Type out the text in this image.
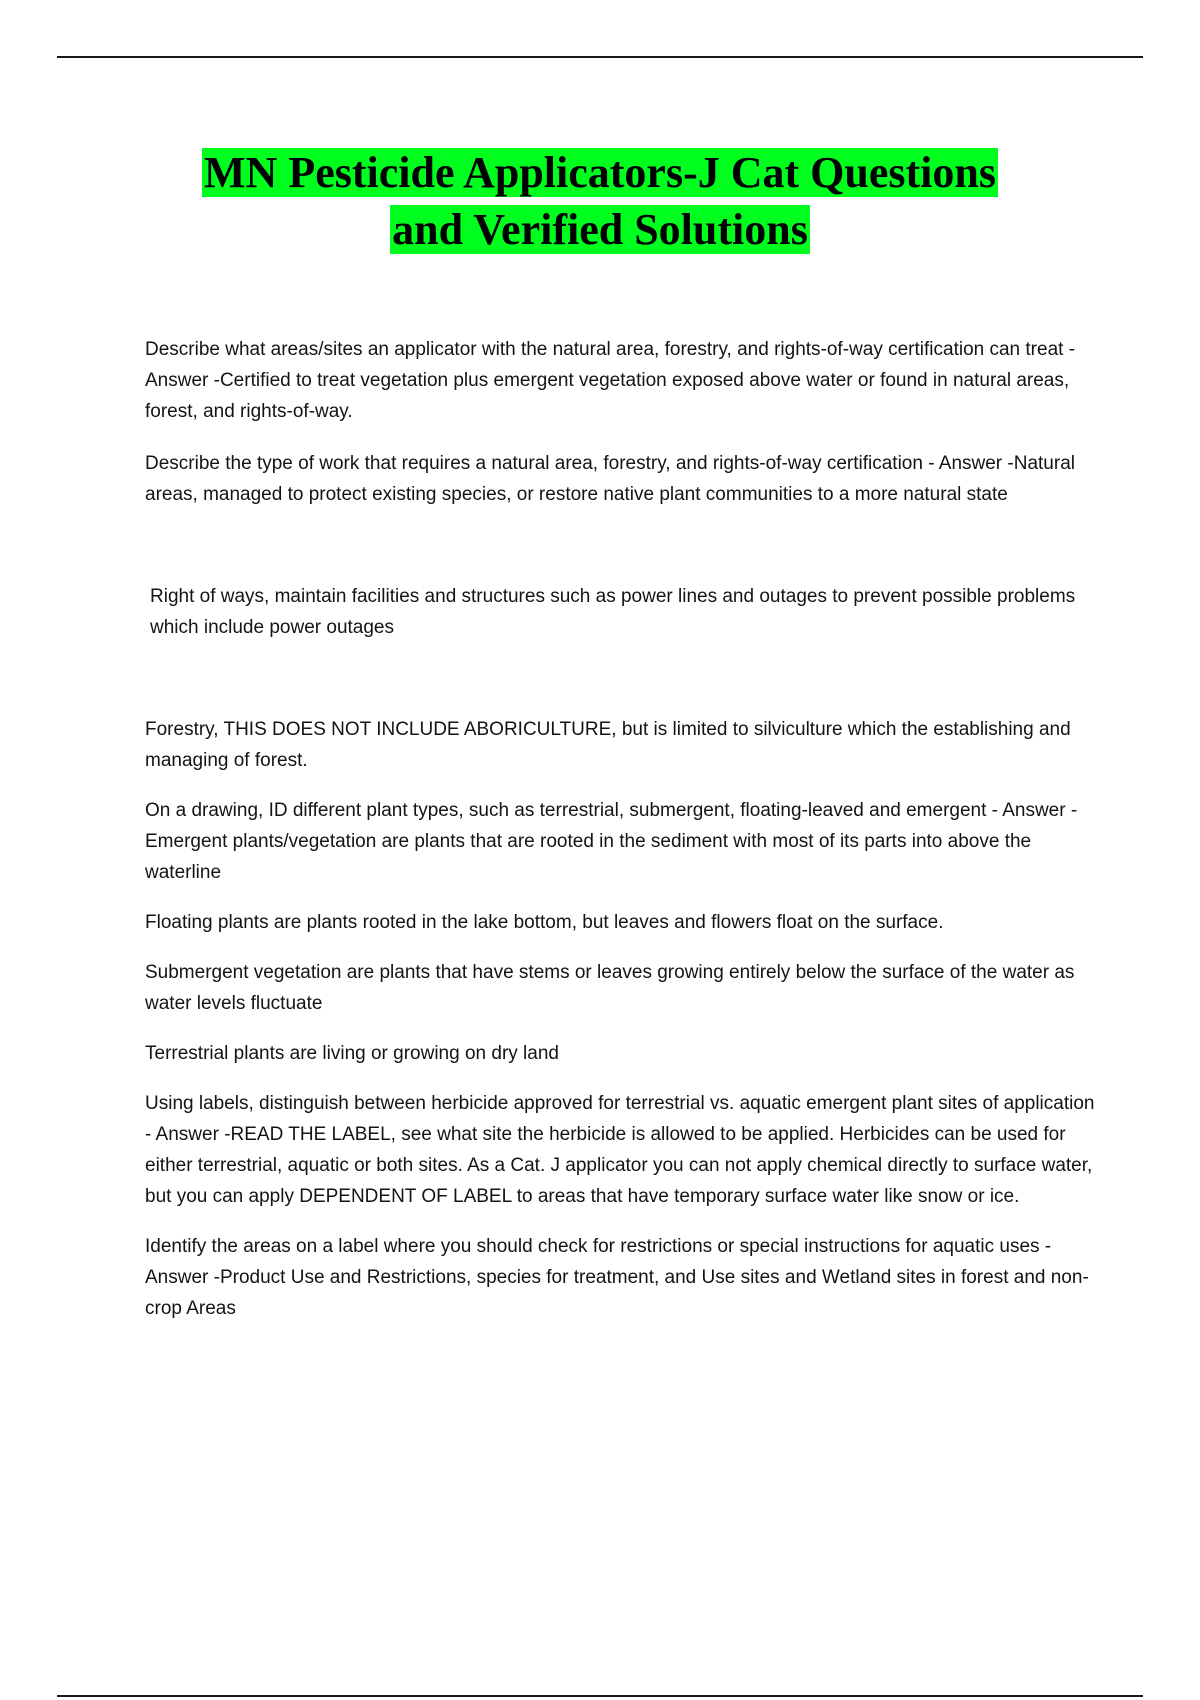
MN Pesticide Applicators-J Cat Questions
and Verified Solutions

Describe what areas/sites an applicator with the natural area, forestry, and rights-of-way certification can treat - Answer -Certified to treat vegetation plus emergent vegetation exposed above water or found in natural areas, forest, and rights-of-way.

Describe the type of work that requires a natural area, forestry, and rights-of-way certification - Answer -Natural areas, managed to protect existing species, or restore native plant communities to a more natural state

Right of ways, maintain facilities and structures such as power lines and outages to prevent possible problems which include power outages

Forestry, THIS DOES NOT INCLUDE ABORICULTURE, but is limited to silviculture which the establishing and managing of forest.

On a drawing, ID different plant types, such as terrestrial, submergent, floating-leaved and emergent - Answer -Emergent plants/vegetation are plants that are rooted in the sediment with most of its parts into above the waterline

Floating plants are plants rooted in the lake bottom, but leaves and flowers float on the surface.

Submergent vegetation are plants that have stems or leaves growing entirely below the surface of the water as water levels fluctuate

Terrestrial plants are living or growing on dry land

Using labels, distinguish between herbicide approved for terrestrial vs. aquatic emergent plant sites of application - Answer -READ THE LABEL, see what site the herbicide is allowed to be applied. Herbicides can be used for either terrestrial, aquatic or both sites. As a Cat. J applicator you can not apply chemical directly to surface water, but you can apply DEPENDENT OF LABEL to areas that have temporary surface water like snow or ice.

Identify the areas on a label where you should check for restrictions or special instructions for aquatic uses - Answer -Product Use and Restrictions, species for treatment, and Use sites and Wetland sites in forest and non-crop Areas
